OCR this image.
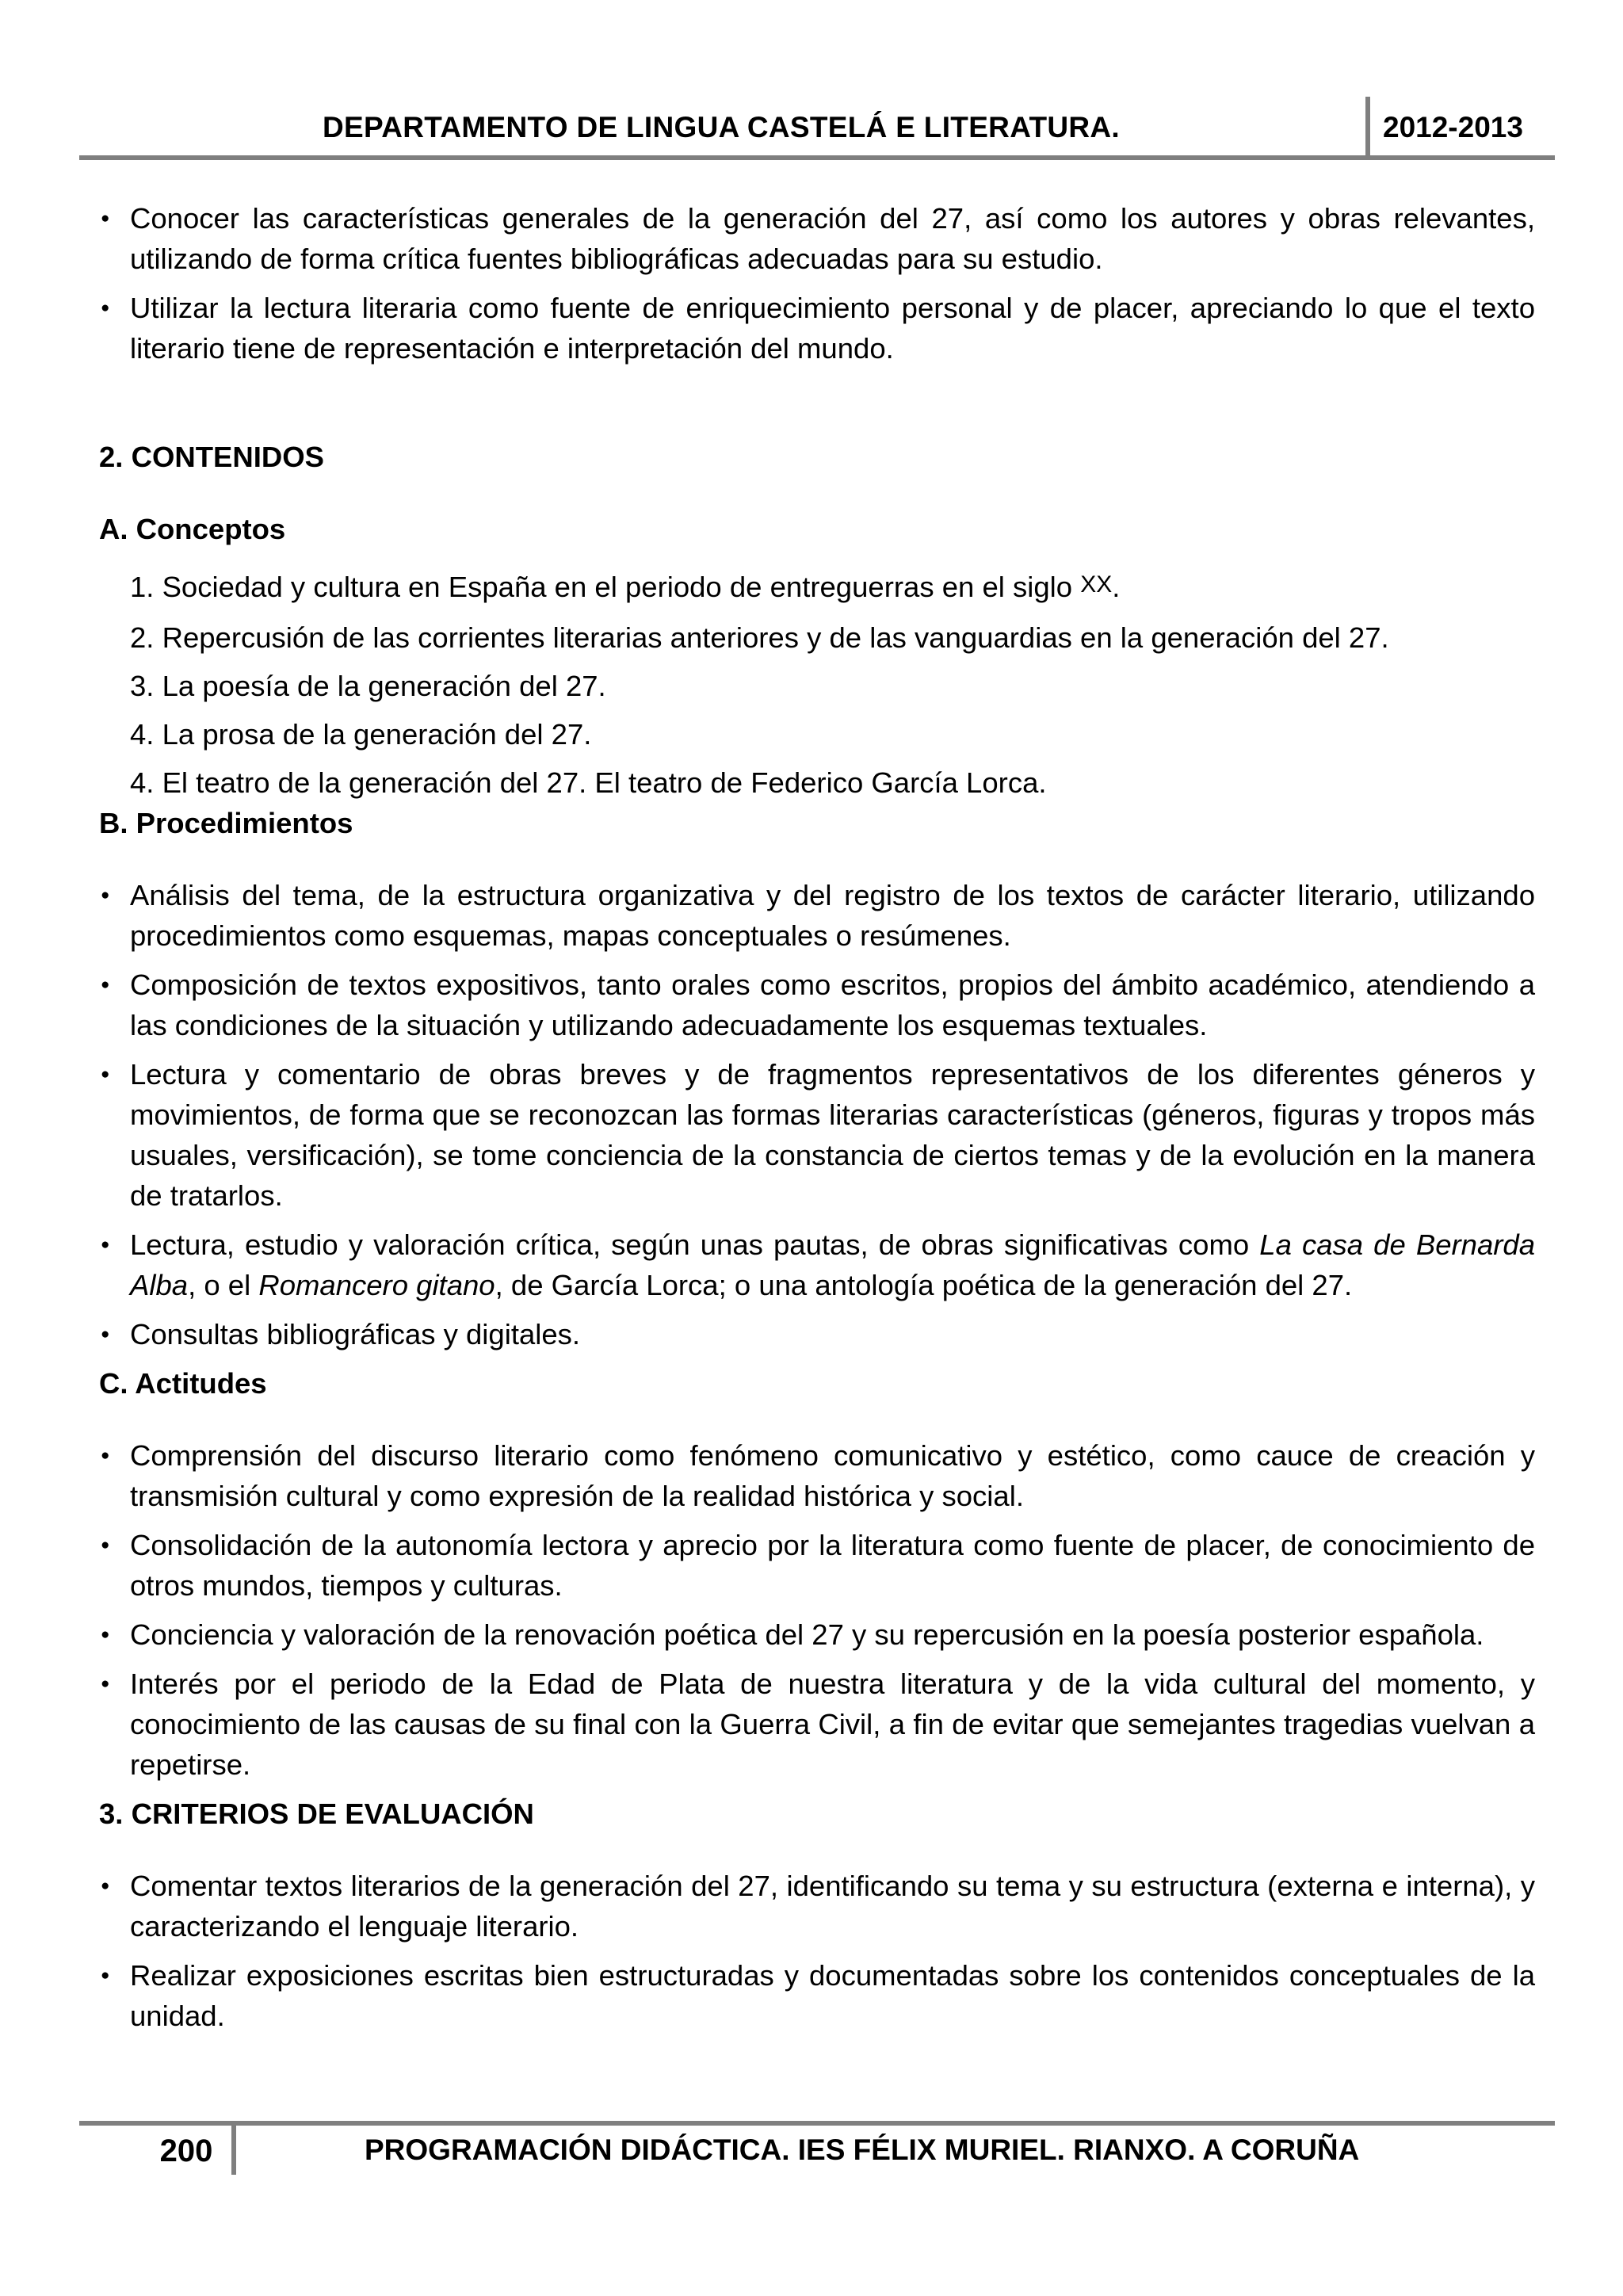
DEPARTAMENTO DE LINGUA CASTELÁ E LITERATURA.	2012-2013
● Conocer las características generales de la generación del 27, así como los autores y obras relevantes, utilizando de forma crítica fuentes bibliográficas adecuadas para su estudio.
● Utilizar la lectura literaria como fuente de enriquecimiento personal y de placer, apreciando lo que el texto literario tiene de representación e interpretación del mundo.

2. CONTENIDOS

A. Conceptos

1. Sociedad y cultura en España en el periodo de entreguerras en el siglo XX.
2. Repercusión de las corrientes literarias anteriores y de las vanguardias en la generación del 27.
3. La poesía de la generación del 27.
4. La prosa de la generación del 27.
4. El teatro de la generación del 27. El teatro de Federico García Lorca.

B. Procedimientos

● Análisis del tema, de la estructura organizativa y del registro de los textos de carácter literario, utilizando procedimientos como esquemas, mapas conceptuales o resúmenes.
● Composición de textos expositivos, tanto orales como escritos, propios del ámbito académico, atendiendo a las condiciones de la situación y utilizando adecuadamente los esquemas textuales.
● Lectura y comentario de obras breves y de fragmentos representativos de los diferentes géneros y movimientos, de forma que se reconozcan las formas literarias características (géneros, figuras y tropos más usuales, versificación), se tome conciencia de la constancia de ciertos temas y de la evolución en la manera de tratarlos.
● Lectura, estudio y valoración crítica, según unas pautas, de obras significativas como La casa de Bernarda Alba, o el Romancero gitano, de García Lorca; o una antología poética de la generación del 27.
● Consultas bibliográficas y digitales.

C. Actitudes

● Comprensión del discurso literario como fenómeno comunicativo y estético, como cauce de creación y transmisión cultural y como expresión de la realidad histórica y social.
● Consolidación de la autonomía lectora y aprecio por la literatura como fuente de placer, de conocimiento de otros mundos, tiempos y culturas.
● Conciencia y valoración de la renovación poética del 27 y su repercusión en la poesía posterior española.
● Interés por el periodo de la Edad de Plata de nuestra literatura y de la vida cultural del momento, y conocimiento de las causas de su final con la Guerra Civil, a fin de evitar que semejantes tragedias vuelvan a repetirse.

3. CRITERIOS DE EVALUACIÓN

● Comentar textos literarios de la generación del 27, identificando su tema y su estructura (externa e interna), y caracterizando el lenguaje literario.
● Realizar exposiciones escritas bien estructuradas y documentadas sobre los contenidos conceptuales de la unidad.
200	PROGRAMACIÓN DIDÁCTICA. IES FÉLIX MURIEL. RIANXO. A CORUÑA
